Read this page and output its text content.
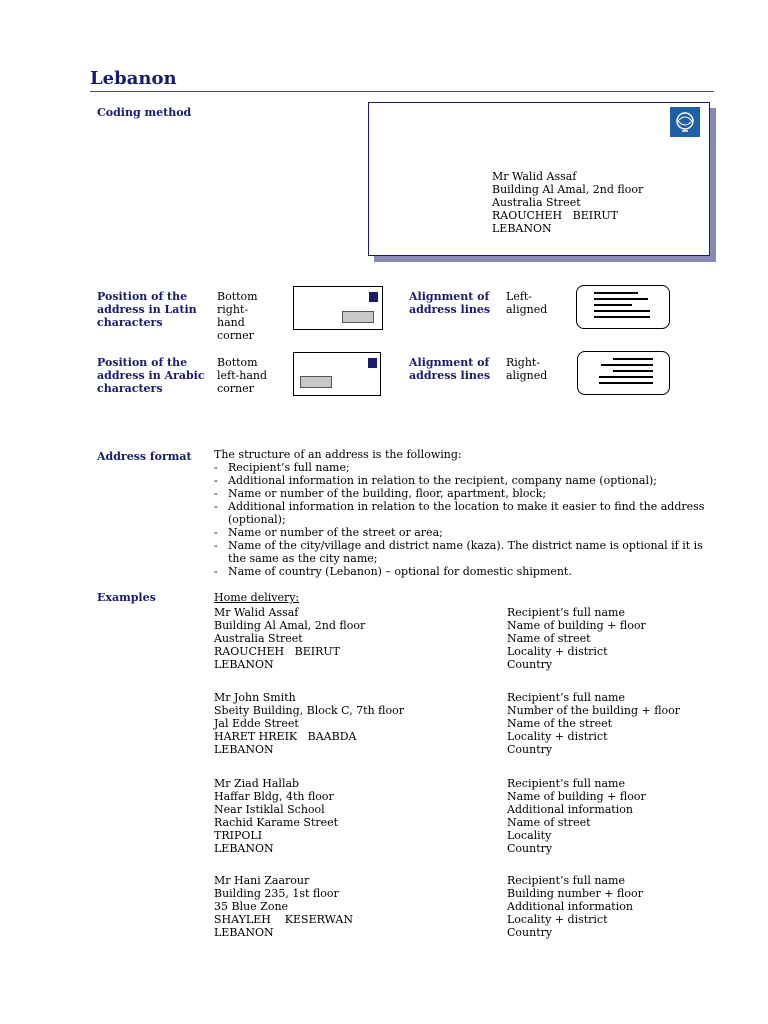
Lebanon
Coding method
Mr Walid Assaf
Building Al Amal, 2nd floor
Australia Street
RAOUCHEH   BEIRUT
LEBANON
Position of the address in Latin characters
Bottom right-hand corner
Alignment of address lines
Left-aligned
Position of the address in Arabic characters
Bottom left-hand corner
Alignment of address lines
Right-aligned
Address format The structure of an address is the following:
- Recipient’s full name;
- Additional information in relation to the recipient, company name (optional);
- Name or number of the building, floor, apartment, block;
- Additional information in relation to the location to make it easier to find the address (optional);
- Name or number of the street or area;
- Name of the city/village and district name (kaza). The district name is optional if it is the same as the city name;
- Name of country (Lebanon) – optional for domestic shipment.
Examples	Home delivery:
Mr Walid Assaf
Building Al Amal, 2nd floor
Australia Street
RAOUCHEH   BEIRUT
LEBANON
Recipient’s full name
Name of building + floor
Name of street
Locality + district
Country
Mr John Smith
Sbeity Building, Block C, 7th floor
Jal Edde Street
HARET HREIK   BAABDA
LEBANON
Recipient’s full name
Number of the building + floor
Name of the street
Locality + district
Country
Mr Ziad Hallab
Haffar Bldg, 4th floor
Near Istiklal School
Rachid Karame Street
TRIPOLI
LEBANON
Recipient’s full name
Name of building + floor
Additional information
Name of street
Locality
Country
Mr Hani Zaarour
Building 235, 1st floor
35 Blue Zone
SHAYLEH    KESERWAN
LEBANON
Recipient’s full name
Building number + floor
Additional information
Locality + district
Country
